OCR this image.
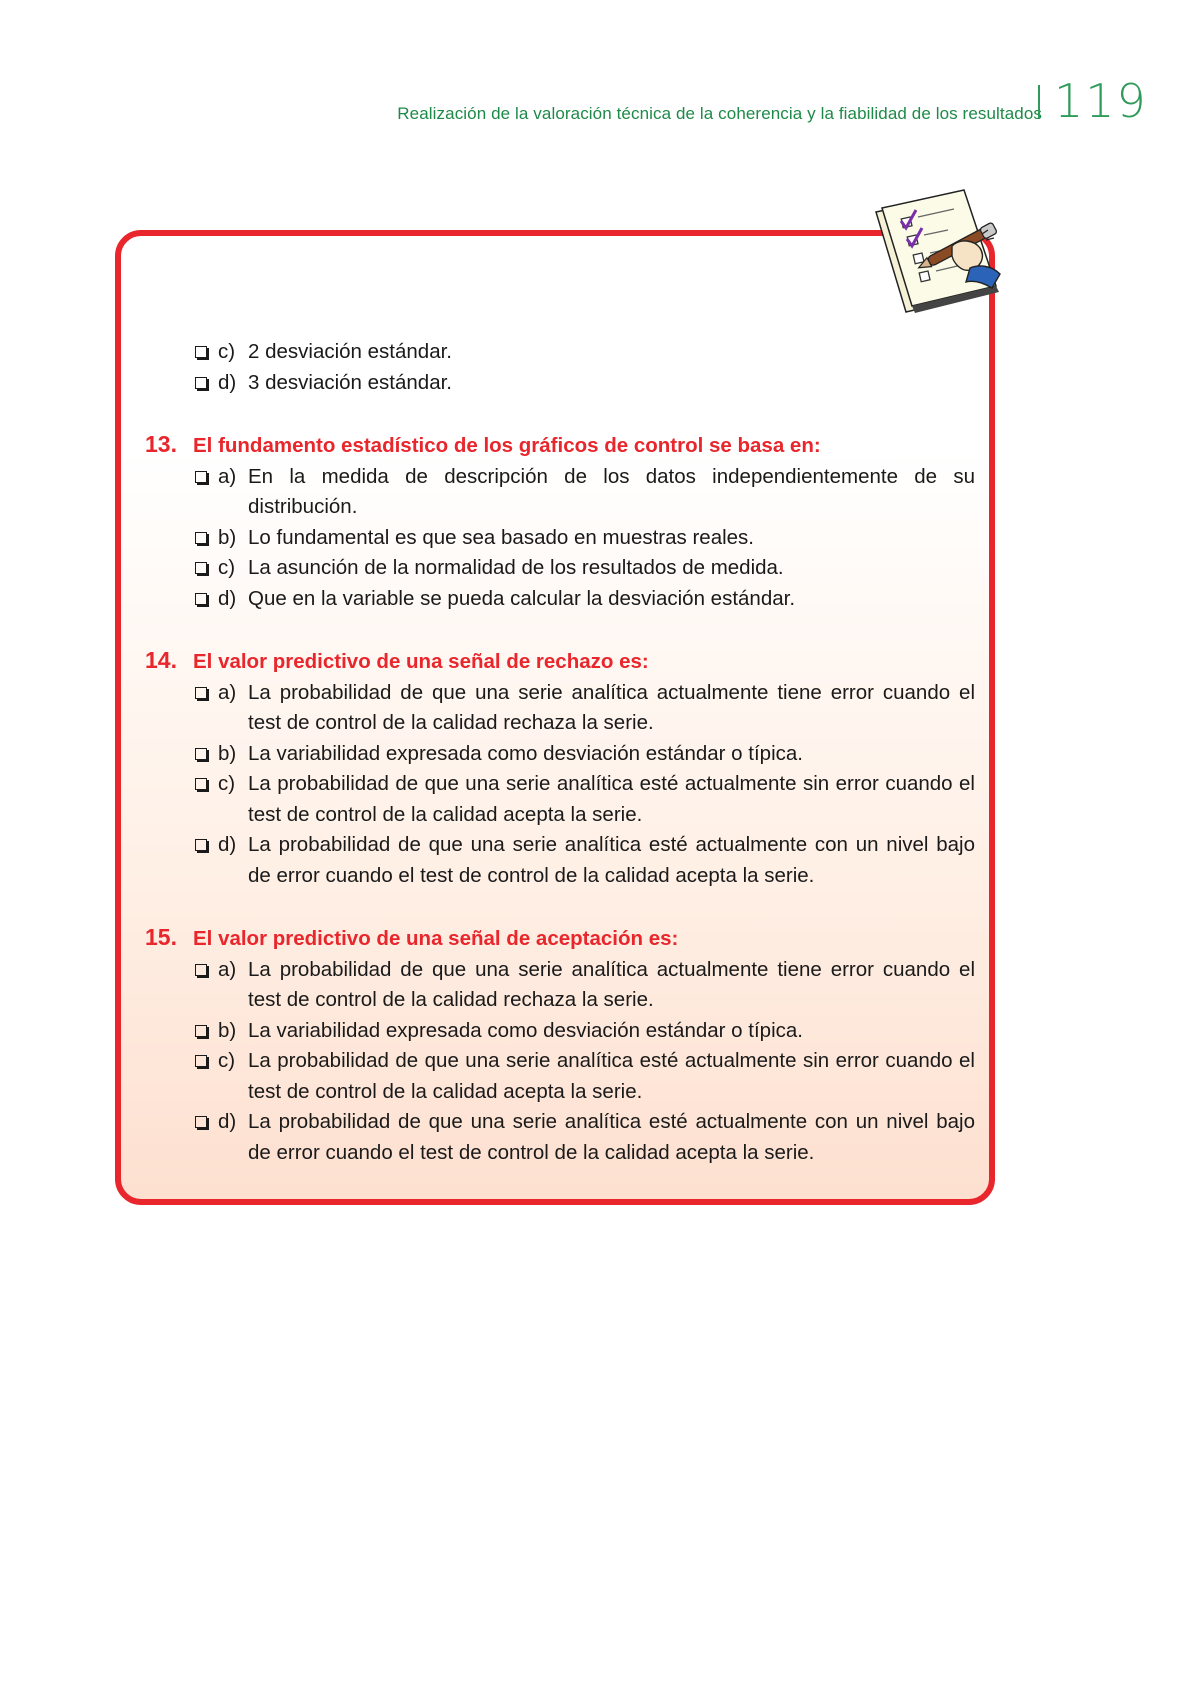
Realización de la valoración técnica de la coherencia y la fiabilidad de los resultados 119
c) 2 desviación estándar.
d) 3 desviación estándar.
13. El fundamento estadístico de los gráficos de control se basa en:
a) En la medida de descripción de los datos independientemente de su distribución.
b) Lo fundamental es que sea basado en muestras reales.
c) La asunción de la normalidad de los resultados de medida.
d) Que en la variable se pueda calcular la desviación estándar.
14. El valor predictivo de una señal de rechazo es:
a) La probabilidad de que una serie analítica actualmente tiene error cuando el test de control de la calidad rechaza la serie.
b) La variabilidad expresada como desviación estándar o típica.
c) La probabilidad de que una serie analítica esté actualmente sin error cuando el test de control de la calidad acepta la serie.
d) La probabilidad de que una serie analítica esté actualmente con un nivel bajo de error cuando el test de control de la calidad acepta la serie.
15. El valor predictivo de una señal de aceptación es:
a) La probabilidad de que una serie analítica actualmente tiene error cuando el test de control de la calidad rechaza la serie.
b) La variabilidad expresada como desviación estándar o típica.
c) La probabilidad de que una serie analítica esté actualmente sin error cuando el test de control de la calidad acepta la serie.
d) La probabilidad de que una serie analítica esté actualmente con un nivel bajo de error cuando el test de control de la calidad acepta la serie.
